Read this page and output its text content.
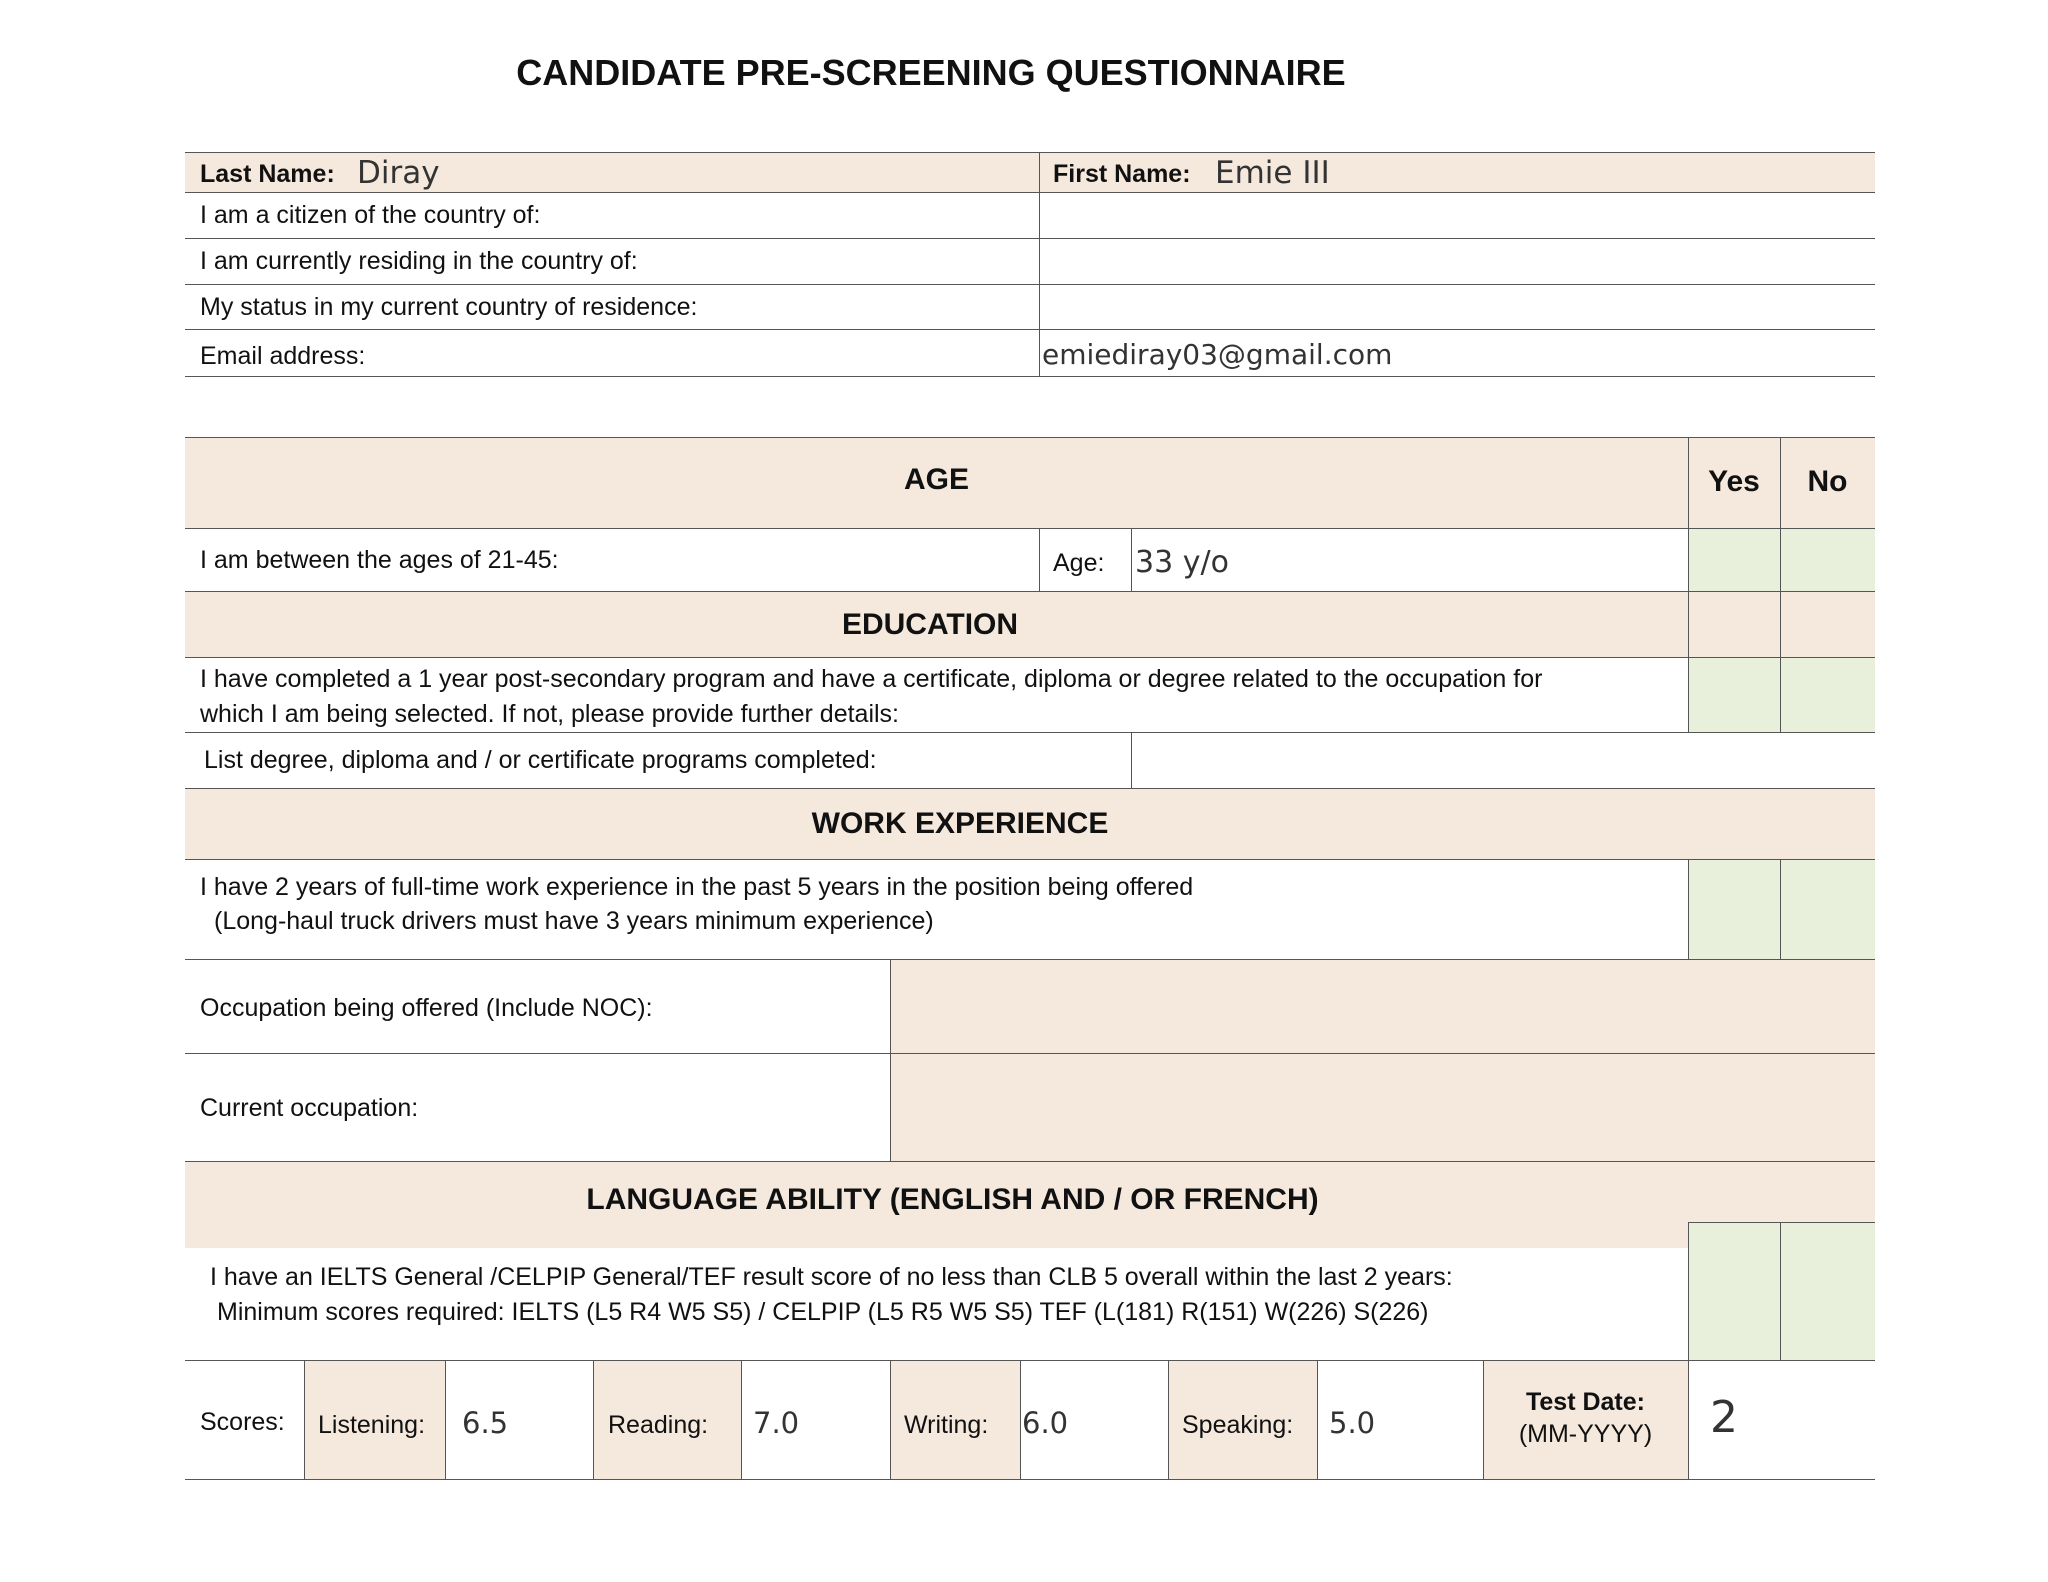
CANDIDATE PRE-SCREENING QUESTIONNAIRE
Last Name: Diray	First Name: Emie III
I am a citizen of the country of:
I am currently residing in the country of:
My status in my current country of residence:
Email address:	emiediray03@gmail.com
AGE	Yes	No
I am between the ages of 21-45:	Age: 33 y/o
EDUCATION
I have completed a 1 year post-secondary program and have a certificate, diploma or degree related to the occupation for
which I am being selected. If not, please provide further details:
List degree, diploma and / or certificate programs completed:
WORK EXPERIENCE
I have 2 years of full-time work experience in the past 5 years in the position being offered
(Long-haul truck drivers must have 3 years minimum experience)
Occupation being offered (Include NOC):
Current occupation:
LANGUAGE ABILITY (ENGLISH AND / OR FRENCH)
I have an IELTS General /CELPIP General/TEF result score of no less than CLB 5 overall within the last 2 years:
Minimum scores required: IELTS (L5 R4 W5 S5) / CELPIP (L5 R5 W5 S5) TEF (L(181) R(151) W(226) S(226)
Scores: Listening: 6.5	Reading: 7.0	Writing: 6.0	Speaking: 5.0
Test Date:
(MM-YYYY)	2
